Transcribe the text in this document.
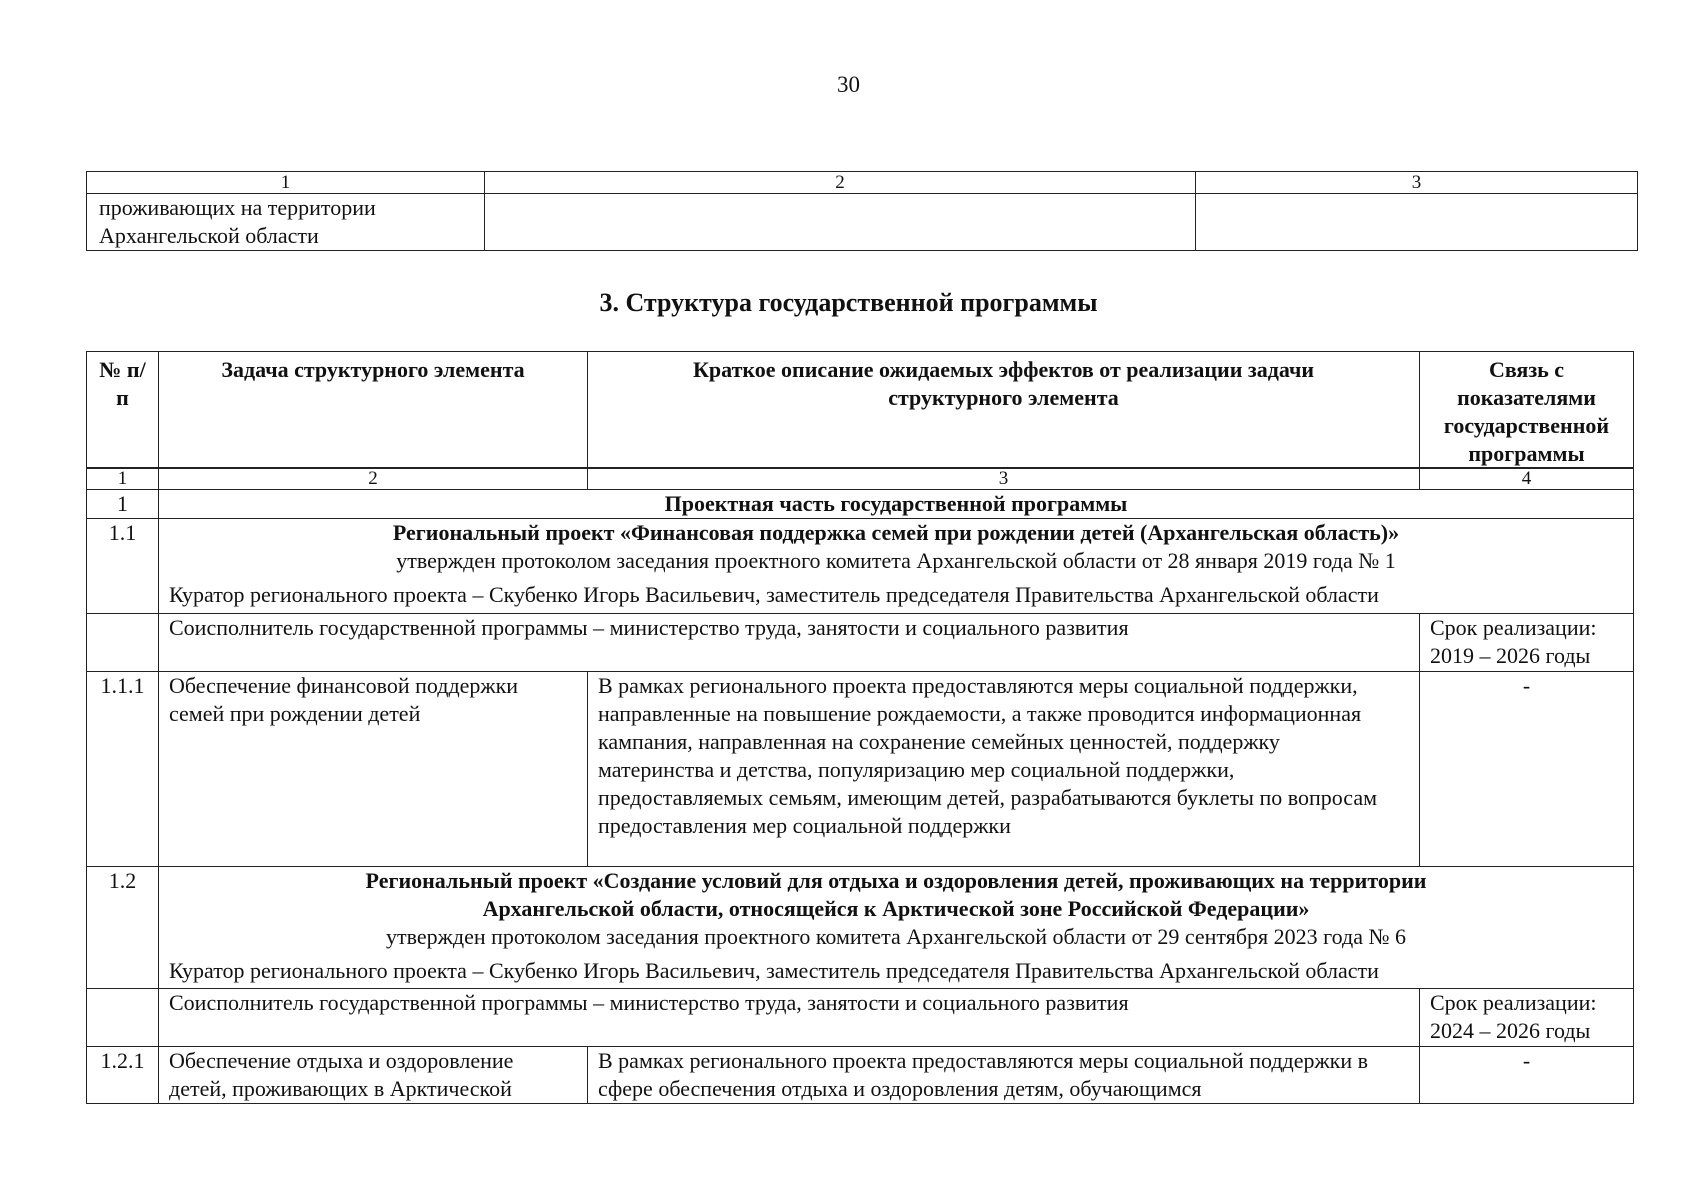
30
1	2	3
проживающих на территории Архангельской области		
3. Структура государственной программы
№ п/п	Задача структурного элемента	Краткое описание ожидаемых эффектов от реализации задачи структурного элемента	Связь с показателями государственной программы
1	2	3	4
1	Проектная часть государственной программы		
1.1	Региональный проект «Финансовая поддержка семей при рождении детей (Архангельская область)»
утвержден протоколом заседания проектного комитета Архангельской области от 28 января 2019 года № 1
Куратор регионального проекта – Скубенко Игорь Васильевич, заместитель председателя Правительства Архангельской области		

	Соисполнитель государственной программы – министерство труда, занятости и социального развития		Срок реализации:
2019 – 2026 годы

1.1.1	Обеспечение финансовой поддержки семей при рождении детей	В рамках регионального проекта предоставляются меры социальной поддержки, направленные на повышение рождаемости, а также проводится информационная кампания, направленная на сохранение семейных ценностей, поддержку материнства и детства, популяризацию мер социальной поддержки, предоставляемых семьям, имеющим детей, разрабатываются буклеты по вопросам предоставления мер социальной поддержки	-
1.2	Региональный проект «Создание условий для отдыха и оздоровления детей, проживающих на территории Архангельской области, относящейся к Арктической зоне Российской Федерации»
утвержден протоколом заседания проектного комитета Архангельской области от 29 сентября 2023 года № 6
Куратор регионального проекта – Скубенко Игорь Васильевич, заместитель председателя Правительства Архангельской области		

	Соисполнитель государственной программы – министерство труда, занятости и социального развития		Срок реализации:
2024 – 2026 годы

1.2.1	Обеспечение отдыха и оздоровление детей, проживающих в Арктической	В рамках регионального проекта предоставляются меры социальной поддержки в сфере обеспечения отдыха и оздоровления детям, обучающимся	-
